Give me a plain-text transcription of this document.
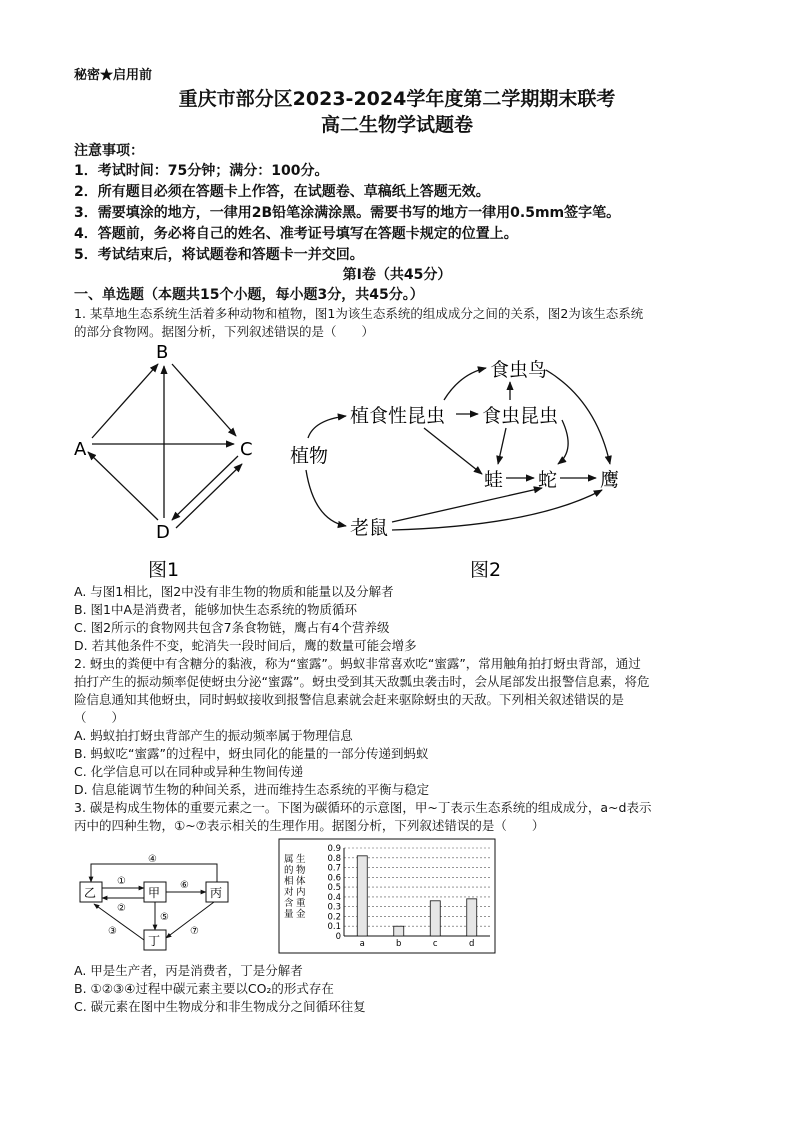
秘密★启用前
重庆市部分区2023-2024学年度第二学期期末联考
高二生物学试题卷
注意事项：
1．考试时间：75分钟；满分：100分。
2．所有题目必须在答题卡上作答，在试题卷、草稿纸上答题无效。
3．需要填涂的地方，一律用2B铅笔涂满涂黑。需要书写的地方一律用0.5mm签字笔。
4．答题前，务必将自己的姓名、准考证号填写在答题卡规定的位置上。
5．考试结束后，将试题卷和答题卡一并交回。
第Ⅰ卷（共45分）
一、单选题（本题共15个小题，每小题3分，共45分。）
1. 某草地生态系统生活着多种动物和植物，图1为该生态系统的组成成分之间的关系，图2为该生态系统
的部分食物网。据图分析，下列叙述错误的是（　　）
B
A	C
D
图1
食虫鸟
植食性昆虫 食虫昆虫
植物
蛙 蛇 鹰
老鼠
图2
A. 与图1相比，图2中没有非生物的物质和能量以及分解者
B. 图1中A是消费者，能够加快生态系统的物质循环
C. 图2所示的食物网共包含7条食物链，鹰占有4个营养级
D. 若其他条件不变，蛇消失一段时间后，鹰的数量可能会增多
2. 蚜虫的粪便中有含糖分的黏液，称为“蜜露”。蚂蚁非常喜欢吃“蜜露”，常用触角拍打蚜虫背部，通过
拍打产生的振动频率促使蚜虫分泌“蜜露”。蚜虫受到其天敌瓢虫袭击时，会从尾部发出报警信息素，将危
险信息通知其他蚜虫，同时蚂蚁接收到报警信息素就会赶来驱除蚜虫的天敌。下列相关叙述错误的是
（　　）
A. 蚂蚁拍打蚜虫背部产生的振动频率属于物理信息
B. 蚂蚁吃“蜜露”的过程中，蚜虫同化的能量的一部分传递到蚂蚁
C. 化学信息可以在同种或异种生物间传递
D. 信息能调节生物的种间关系，进而维持生态系统的平衡与稳定
3. 碳是构成生物体的重要元素之一。下图为碳循环的示意图，甲~丁表示生态系统的组成成分，a~d表示
丙中的四种生物，①~⑦表示相关的生理作用。据图分析，下列叙述错误的是（　　）
乙	甲	丙
丁
①
②
④
⑥
⑤
③	⑦
生物体内重金
属的相对含量
0
0.1
0.2
0.3
0.4
0.5
0.6
0.7
0.8
0.9
a	b	c	d
A. 甲是生产者，丙是消费者，丁是分解者
B. ①②③④过程中碳元素主要以CO₂的形式存在
C. 碳元素在图中生物成分和非生物成分之间循环往复
